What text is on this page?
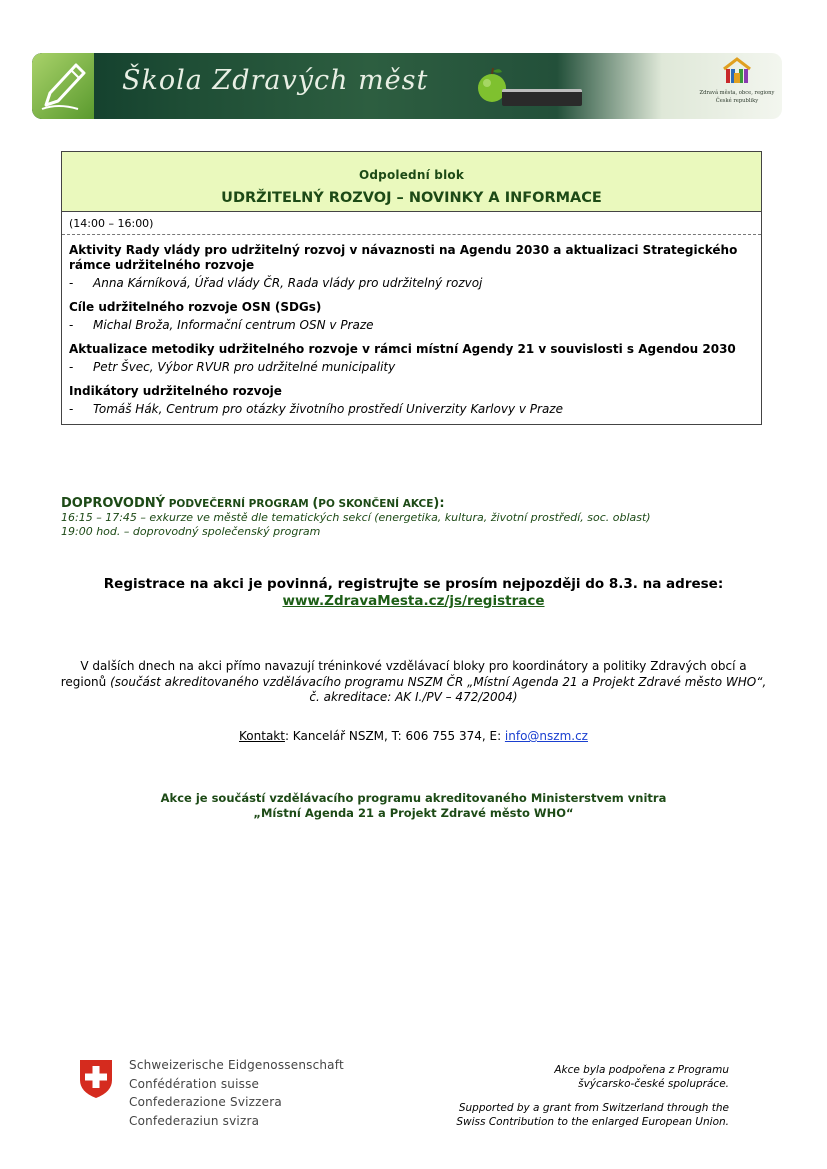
Škola Zdravých měst	Zdravá města, obce, regiony
České republiky
Odpolední blok
UDRŽITELNÝ ROZVOJ – NOVINKY A INFORMACE
(14:00 – 16:00)
Aktivity Rady vlády pro udržitelný rozvoj v návaznosti na Agendu 2030 a aktualizaci Strategického rámce udržitelného rozvoje
-	Anna Kárníková, Úřad vlády ČR, Rada vlády pro udržitelný rozvoj
Cíle udržitelného rozvoje OSN (SDGs)
-	Michal Broža, Informační centrum OSN v Praze
Aktualizace metodiky udržitelného rozvoje v rámci místní Agendy 21 v souvislosti s Agendou 2030
-	Petr Švec, Výbor RVUR pro udržitelné municipality
Indikátory udržitelného rozvoje
-	Tomáš Hák, Centrum pro otázky životního prostředí Univerzity Karlovy v Praze
DOPROVODNÝ PODVEČERNÍ PROGRAM (PO SKONČENÍ AKCE):
16:15 – 17:45 – exkurze ve městě dle tematických sekcí (energetika, kultura, životní prostředí, soc. oblast)
19:00 hod. – doprovodný společenský program
Registrace na akci je povinná, registrujte se prosím nejpozději do 8.3. na adrese:
www.ZdravaMesta.cz/js/registrace
V dalších dnech na akci přímo navazují tréninkové vzdělávací bloky pro koordinátory a politiky Zdravých obcí a regionů (součást akreditovaného vzdělávacího programu NSZM ČR „Místní Agenda 21 a Projekt Zdravé město WHO“, č. akreditace: AK I./PV – 472/2004)
Kontakt: Kancelář NSZM, T: 606 755 374, E: info@nszm.cz
Akce je součástí vzdělávacího programu akreditovaného Ministerstvem vnitra
„Místní Agenda 21 a Projekt Zdravé město WHO“
Schweizerische Eidgenossenschaft
Confédération suisse
Confederazione Svizzera
Confederaziun svizra
Akce byla podpořena z Programu
švýcarsko-české spolupráce.
Supported by a grant from Switzerland through the
Swiss Contribution to the enlarged European Union.
